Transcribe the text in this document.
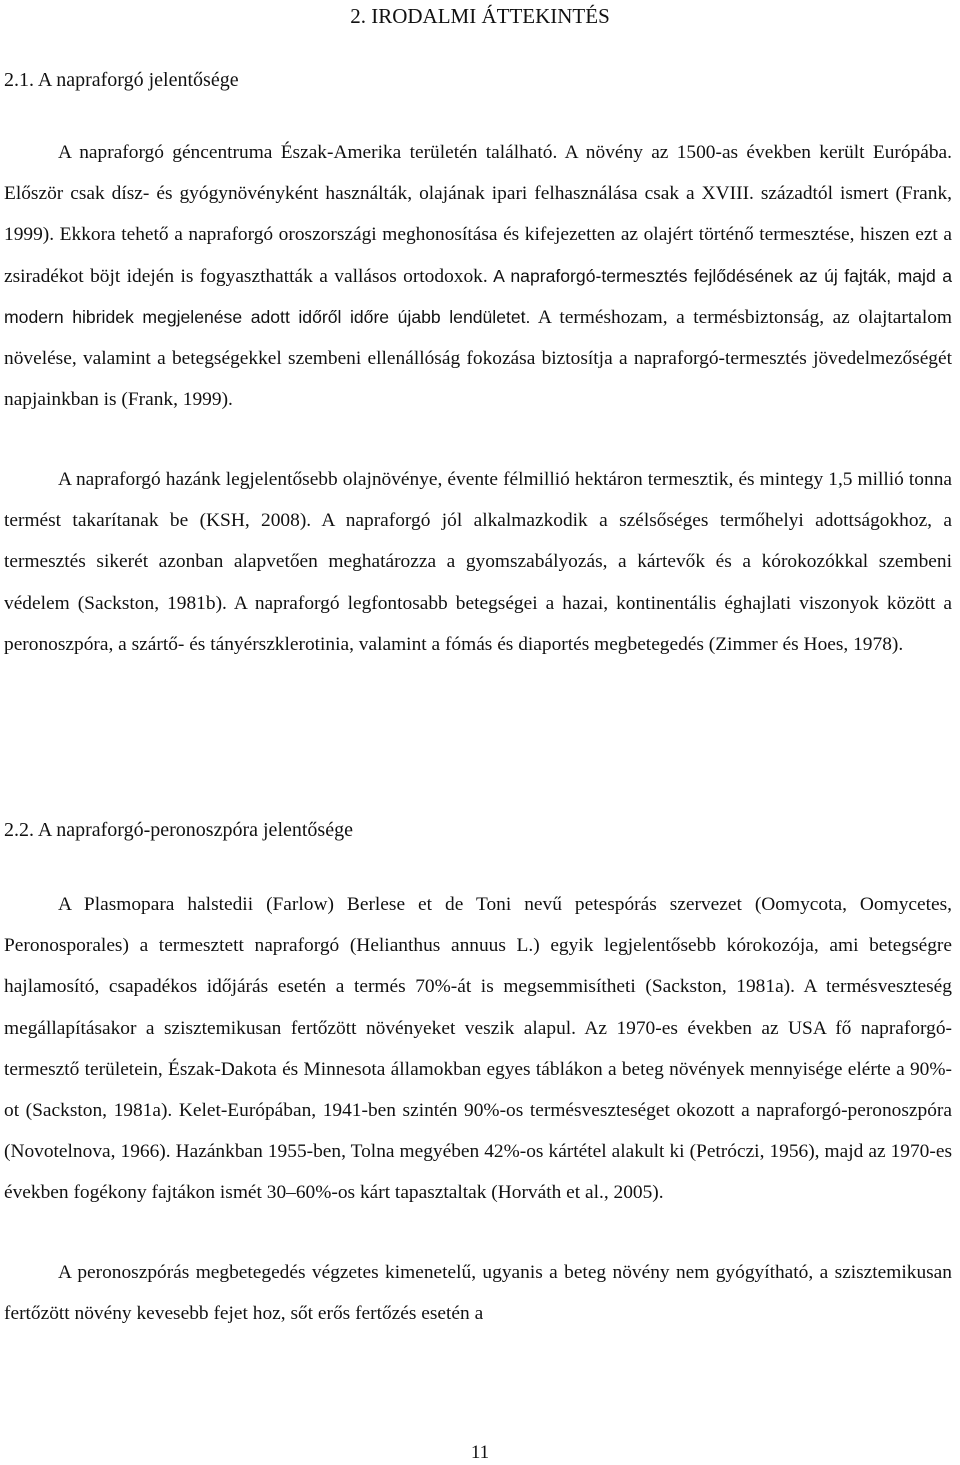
2. IRODALMI ÁTTEKINTÉS
2.1. A napraforgó jelentősége

A napraforgó géncentruma Észak-Amerika területén található. A növény az 1500-as években került Európába. Először csak dísz- és gyógynövényként használták, olajának ipari felhasználása csak a XVIII. századtól ismert (Frank, 1999). Ekkora tehető a napraforgó oroszországi meghonosítása és kifejezetten az olajért történő termesztése, hiszen ezt a zsiradékot böjt idején is fogyaszthatták a vallásos ortodoxok. A napraforgó-termesztés fejlődésének az új fajták, majd a modern hibridek megjelenése adott időről időre újabb lendületet. A terméshozam, a termésbiztonság, az olajtartalom növelése, valamint a betegségekkel szembeni ellenállóság fokozása biztosítja a napraforgó-termesztés jövedelmezőségét napjainkban is (Frank, 1999).

A napraforgó hazánk legjelentősebb olajnövénye, évente félmillió hektáron termesztik, és mintegy 1,5 millió tonna termést takarítanak be (KSH, 2008). A napraforgó jól alkalmazkodik a szélsőséges termőhelyi adottságokhoz, a termesztés sikerét azonban alapvetően meghatározza a gyomszabályozás, a kártevők és a kórokozókkal szembeni védelem (Sackston, 1981b). A napraforgó legfontosabb betegségei a hazai, kontinentális éghajlati viszonyok között a peronoszpóra, a szártő- és tányérszklerotinia, valamint a fómás és diaportés megbetegedés (Zimmer és Hoes, 1978).

2.2. A napraforgó-peronoszpóra jelentősége

A Plasmopara halstedii (Farlow) Berlese et de Toni nevű petespórás szervezet (Oomycota, Oomycetes, Peronosporales) a termesztett napraforgó (Helianthus annuus L.) egyik legjelentősebb kórokozója, ami betegségre hajlamosító, csapadékos időjárás esetén a termés 70%-át is megsemmisítheti (Sackston, 1981a). A termésveszteség megállapításakor a szisztemikusan fertőzött növényeket veszik alapul. Az 1970-es években az USA fő napraforgó-termesztő területein, Észak-Dakota és Minnesota államokban egyes táblákon a beteg növények mennyisége elérte a 90%-ot (Sackston, 1981a). Kelet-Európában, 1941-ben szintén 90%-os termésveszteséget okozott a napraforgó-peronoszpóra (Novotelnova, 1966). Hazánkban 1955-ben, Tolna megyében 42%-os kártétel alakult ki (Petróczi, 1956), majd az 1970-es években fogékony fajtákon ismét 30–60%-os kárt tapasztaltak (Horváth et al., 2005).

A peronoszpórás megbetegedés végzetes kimenetelű, ugyanis a beteg növény nem gyógyítható, a szisztemikusan fertőzött növény kevesebb fejet hoz, sőt erős fertőzés esetén a

11
